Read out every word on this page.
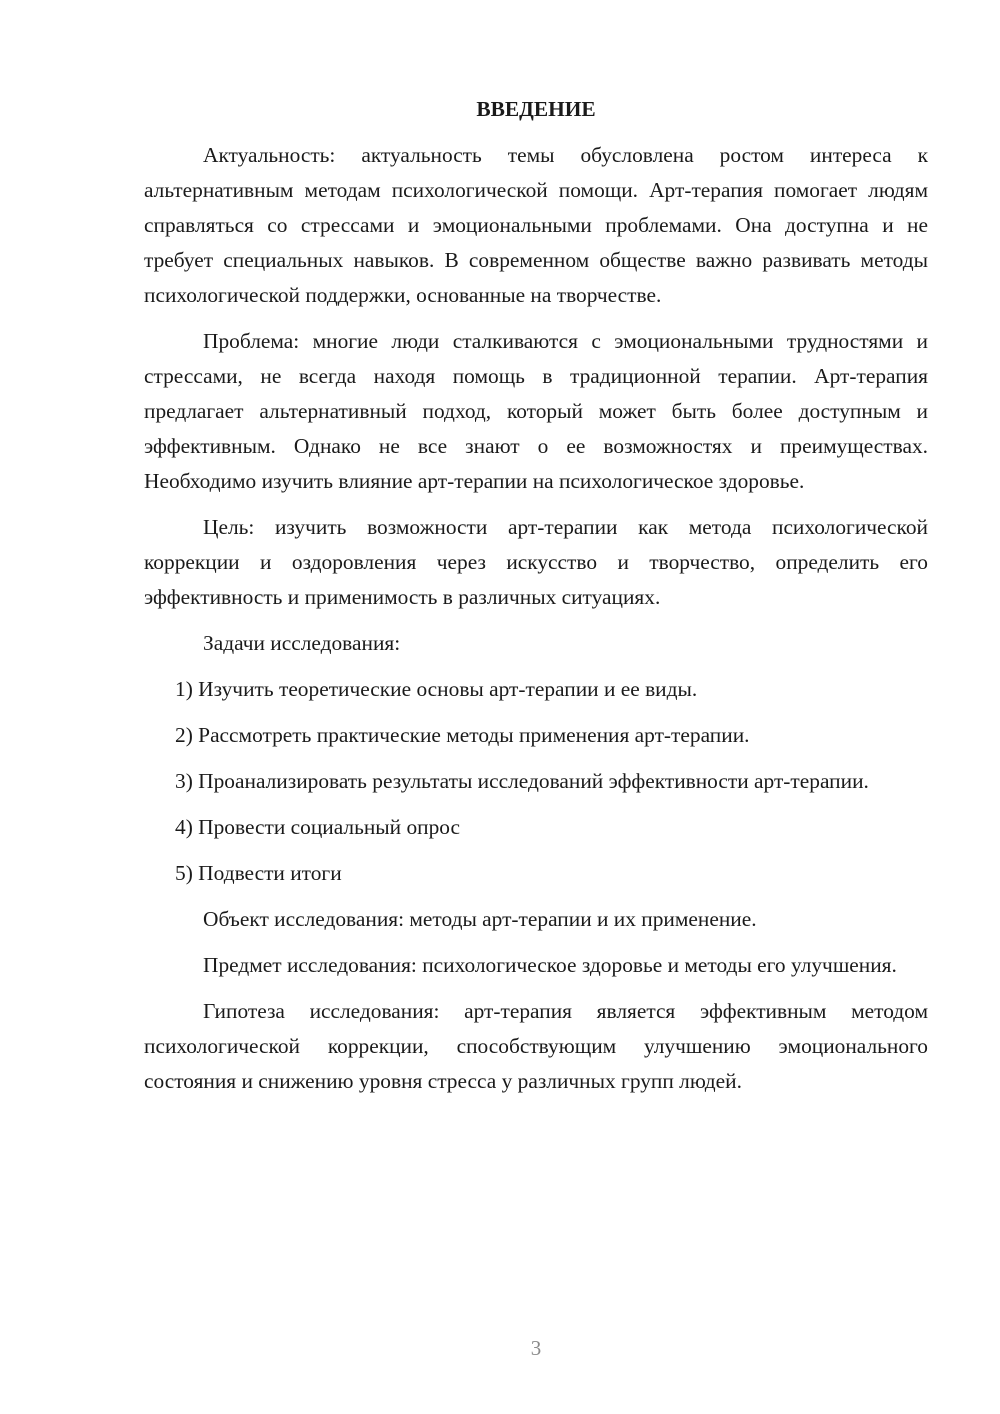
ВВЕДЕНИЕ

Актуальность: актуальность темы обусловлена ростом интереса к альтернативным методам психологической помощи. Арт-терапия помогает людям справляться со стрессами и эмоциональными проблемами. Она доступна и не требует специальных навыков. В современном обществе важно развивать методы психологической поддержки, основанные на творчестве.

Проблема: многие люди сталкиваются с эмоциональными трудностями и стрессами, не всегда находя помощь в традиционной терапии. Арт-терапия предлагает альтернативный подход, который может быть более доступным и эффективным. Однако не все знают о ее возможностях и преимуществах. Необходимо изучить влияние арт-терапии на психологическое здоровье.

Цель: изучить возможности арт-терапии как метода психологической коррекции и оздоровления через искусство и творчество, определить его эффективность и применимость в различных ситуациях.

Задачи исследования:

1) Изучить теоретические основы арт-терапии и ее виды.

2) Рассмотреть практические методы применения арт-терапии.

3) Проанализировать результаты исследований эффективности арт-терапии.

4) Провести социальный опрос

5) Подвести итоги

Объект исследования: методы арт-терапии и их применение.

Предмет исследования: психологическое здоровье и методы его улучшения.

Гипотеза исследования: арт-терапия является эффективным методом психологической коррекции, способствующим улучшению эмоционального состояния и снижению уровня стресса у различных групп людей.

3
